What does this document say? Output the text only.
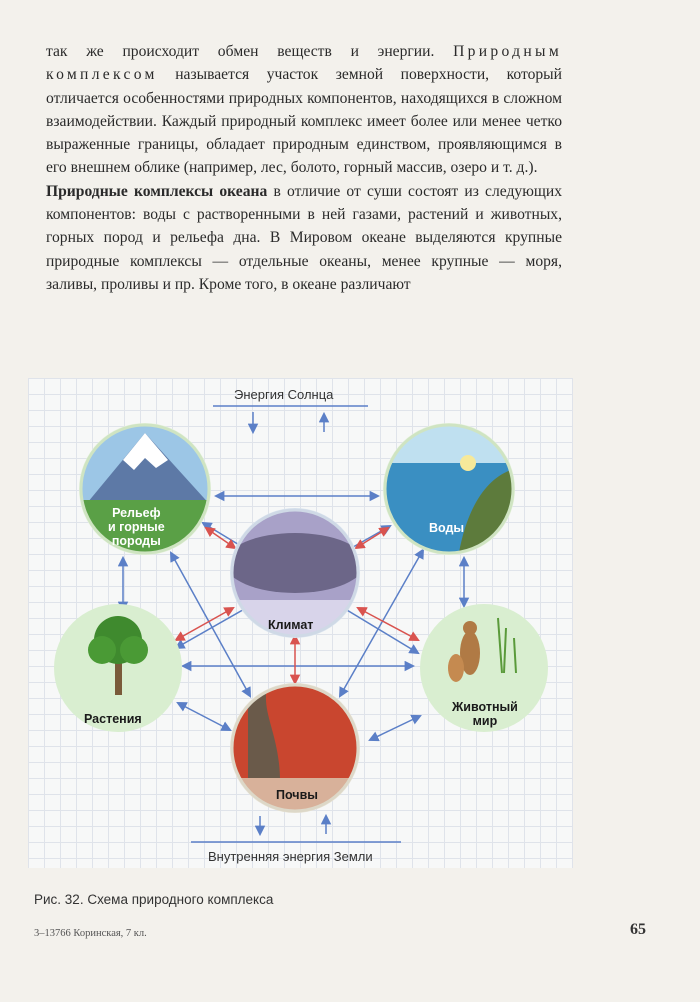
так же происходит обмен веществ и энергии. Природным комплексом называется участок земной поверхности, который отличается особенностями природных компонентов, находящихся в сложном взаимодействии. Каждый природный комплекс имеет более или менее четко выраженные границы, обладает природным единством, проявляющимся в его внешнем облике (например, лес, болото, горный массив, озеро и т. д.).

Природные комплексы океана в отличие от суши состоят из следующих компонентов: воды с растворенными в ней газами, растений и животных, горных пород и рельефа дна. В Мировом океане выделяются крупные природные комплексы — отдельные океаны, менее крупные — моря, заливы, проливы и пр. Кроме того, в океане различают

Энергия Солнца
Внутренняя энергия Земли
Рельеф
и горные
породы
Воды
Климат
Растения
Животный
мир
Почвы
Рис. 32. Схема природного комплекса
3–13766 Коринская, 7 кл.	65
